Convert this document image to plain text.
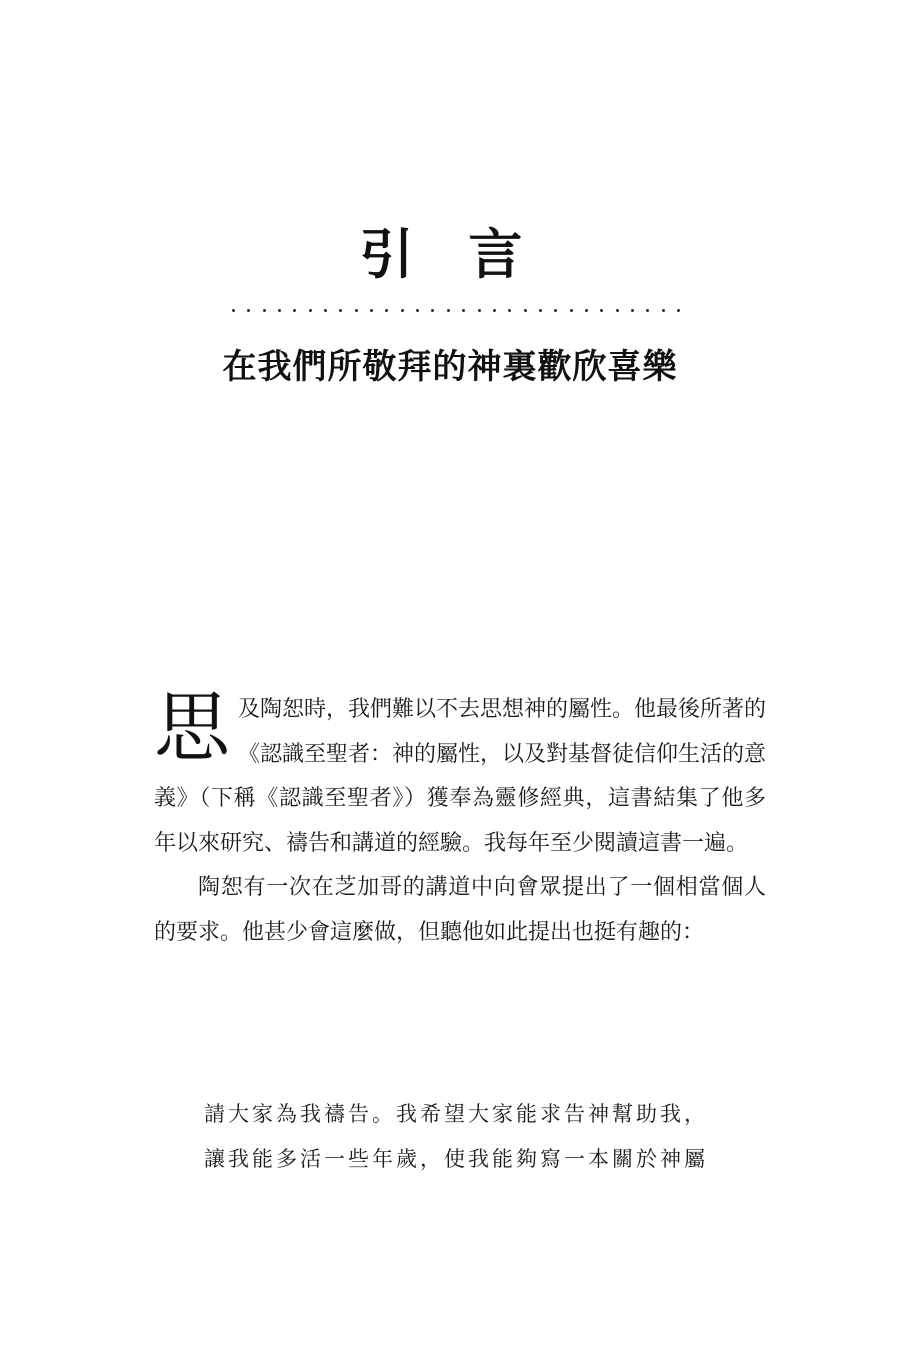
引 言
在我們所敬拜的神裏歡欣喜樂

思及陶恕時，我們難以不去思想神的屬性。他最後所著的《認識至聖者：神的屬性，以及對基督徒信仰生活的意義》（下稱《認識至聖者》）獲奉為靈修經典，這書結集了他多年以來研究、禱告和講道的經驗。我每年至少閱讀這書一遍。

陶恕有一次在芝加哥的講道中向會眾提出了一個相當個人的要求。他甚少會這麼做，但聽他如此提出也挺有趣的：

請大家為我禱告。我希望大家能求告神幫助我，
讓我能多活一些年歲，使我能夠寫一本關於神屬
